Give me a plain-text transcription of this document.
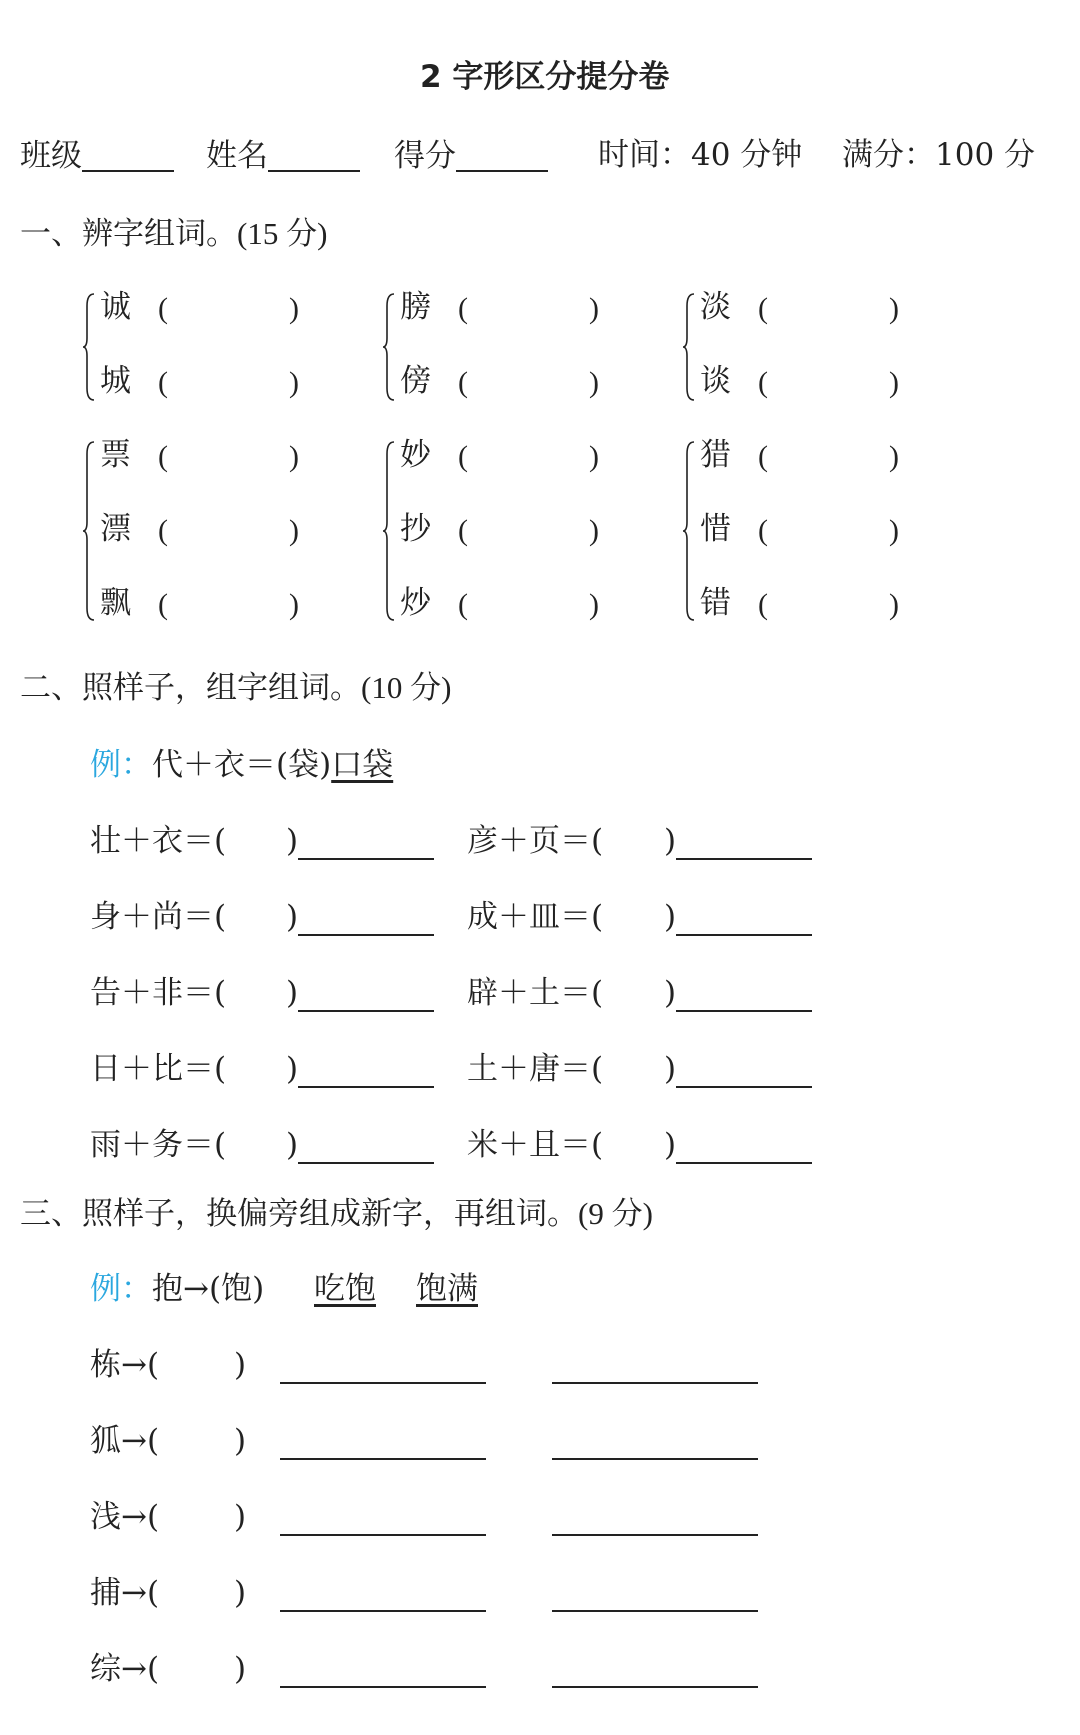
2 字形区分提分卷
班级	姓名	得分	时间：40 分钟 满分：100 分
一、辨字组词。(15 分)
诚 (	)
城 (	)
膀 (	)
傍 (	)
淡 (	)
谈 (	)
票 (	)
漂 (	)
飘 (	)
妙 (	)
抄 (	)
炒 (	)
猎 (	)
惜 (	)
错 (	)
二、照样子，组字组词。(10 分)
例：代＋衣＝(袋)口袋
壮＋衣＝( )	彦＋页＝( )
身＋尚＝( )	成＋皿＝( )
告＋非＝( )	辟＋土＝( )
日＋比＝( )	土＋唐＝( )
雨＋务＝( )	米＋且＝( )
三、照样子，换偏旁组成新字，再组词。(9 分)
例：抱→(饱) 吃饱 饱满
栋→( )
狐→( )
浅→( )
捕→( )
综→( )
